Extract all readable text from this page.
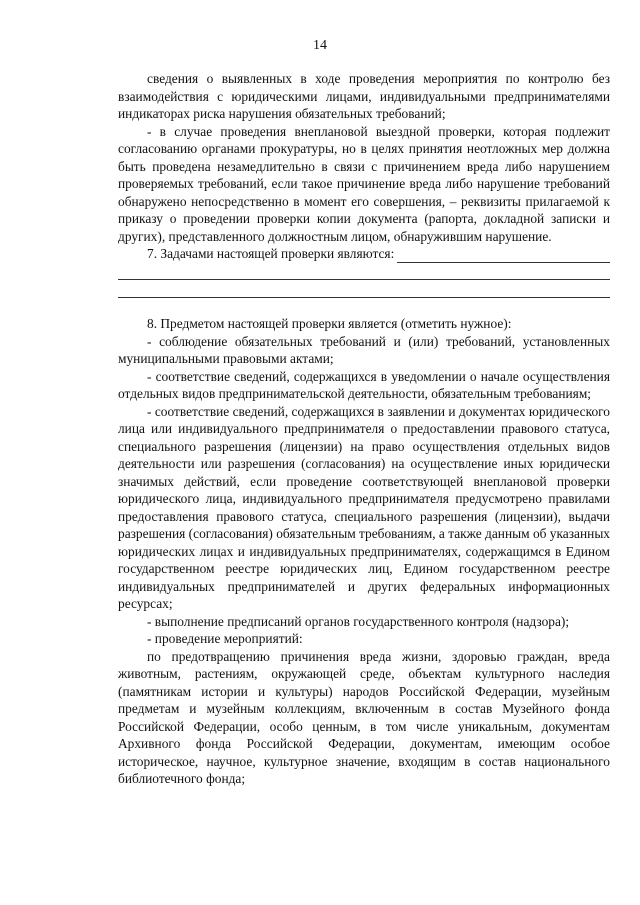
14

сведения о выявленных в ходе проведения мероприятия по контролю без взаимодействия с юридическими лицами, индивидуальными предпринимателями индикаторах риска нарушения обязательных требований;

- в случае проведения внеплановой выездной проверки, которая подлежит согласованию органами прокуратуры, но в целях принятия неотложных мер должна быть проведена незамедлительно в связи с причинением вреда либо нарушением проверяемых требований, если такое причинение вреда либо нарушение требований обнаружено непосредственно в момент его совершения, – реквизиты прилагаемой к приказу о проведении проверки копии документа (рапорта, докладной записки и других), представленного должностным лицом, обнаружившим нарушение.

7. Задачами настоящей проверки являются:

8. Предметом настоящей проверки является (отметить нужное):

- соблюдение обязательных требований и (или) требований, установленных муниципальными правовыми актами;

- соответствие сведений, содержащихся в уведомлении о начале осуществления отдельных видов предпринимательской деятельности, обязательным требованиям;

- соответствие сведений, содержащихся в заявлении и документах юридического лица или индивидуального предпринимателя о предоставлении правового статуса, специального разрешения (лицензии) на право осуществления отдельных видов деятельности или разрешения (согласования) на осуществление иных юридически значимых действий, если проведение соответствующей внеплановой проверки юридического лица, индивидуального предпринимателя предусмотрено правилами предоставления правового статуса, специального разрешения (лицензии), выдачи разрешения (согласования) обязательным требованиям, а также данным об указанных юридических лицах и индивидуальных предпринимателях, содержащимся в Едином государственном реестре юридических лиц, Едином государственном реестре индивидуальных предпринимателей и других федеральных информационных ресурсах;

- выполнение предписаний органов государственного контроля (надзора);

- проведение мероприятий:

по предотвращению причинения вреда жизни, здоровью граждан, вреда животным, растениям, окружающей среде, объектам культурного наследия (памятникам истории и культуры) народов Российской Федерации, музейным предметам и музейным коллекциям, включенным в состав Музейного фонда Российской Федерации, особо ценным, в том числе уникальным, документам Архивного фонда Российской Федерации, документам, имеющим особое историческое, научное, культурное значение, входящим в состав национального библиотечного фонда;
